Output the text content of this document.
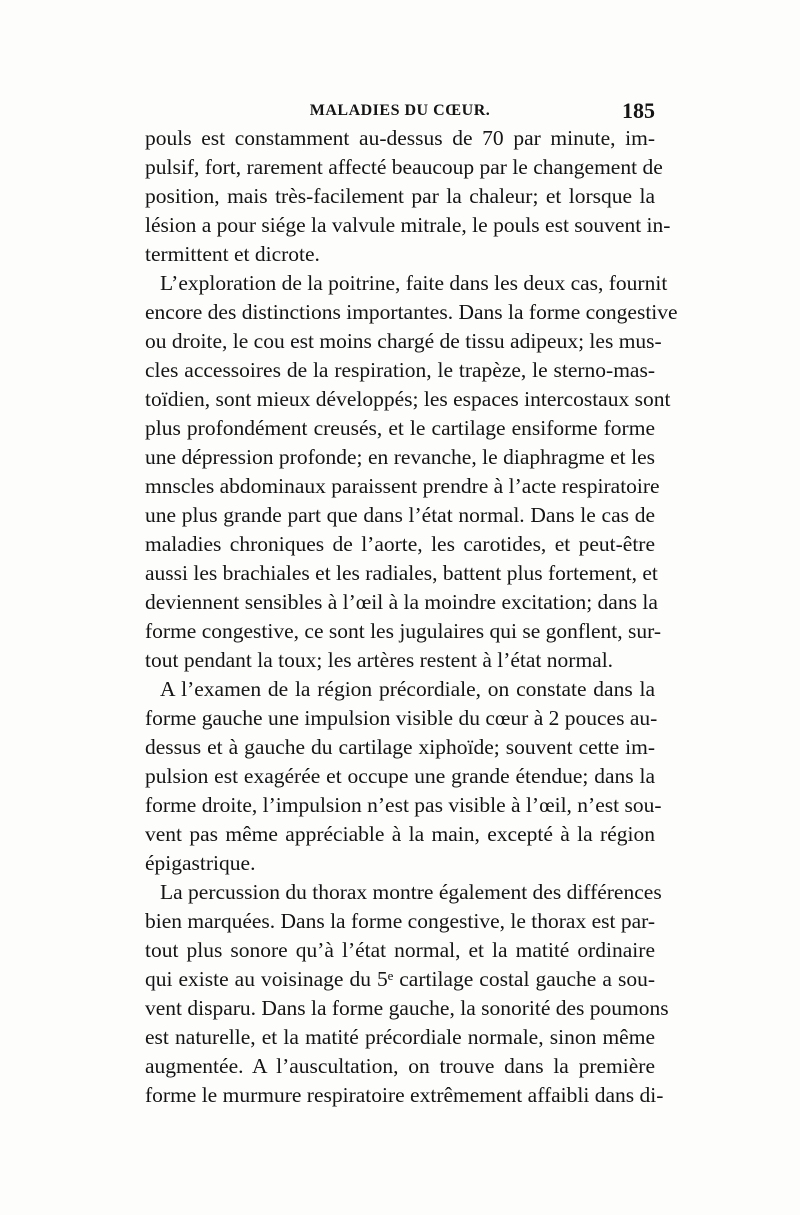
MALADIES DU CŒUR.	185
pouls est constamment au-dessus de 70 par minute, im-
pulsif, fort, rarement affecté beaucoup par le changement de
position, mais très-facilement par la chaleur; et lorsque la
lésion a pour siége la valvule mitrale, le pouls est souvent in-
termittent et dicrote.
L’exploration de la poitrine, faite dans les deux cas, fournit
encore des distinctions importantes. Dans la forme congestive
ou droite, le cou est moins chargé de tissu adipeux; les mus-
cles accessoires de la respiration, le trapèze, le sterno-mas-
toïdien, sont mieux développés; les espaces intercostaux sont
plus profondément creusés, et le cartilage ensiforme forme
une dépression profonde; en revanche, le diaphragme et les
mnscles abdominaux paraissent prendre à l’acte respiratoire
une plus grande part que dans l’état normal. Dans le cas de
maladies chroniques de l’aorte, les carotides, et peut-être
aussi les brachiales et les radiales, battent plus fortement, et
deviennent sensibles à l’œil à la moindre excitation; dans la
forme congestive, ce sont les jugulaires qui se gonflent, sur-
tout pendant la toux; les artères restent à l’état normal.
A l’examen de la région précordiale, on constate dans la
forme gauche une impulsion visible du cœur à 2 pouces au-
dessus et à gauche du cartilage xiphoïde; souvent cette im-
pulsion est exagérée et occupe une grande étendue; dans la
forme droite, l’impulsion n’est pas visible à l’œil, n’est sou-
vent pas même appréciable à la main, excepté à la région
épigastrique.
La percussion du thorax montre également des différences
bien marquées. Dans la forme congestive, le thorax est par-
tout plus sonore qu’à l’état normal, et la matité ordinaire
qui existe au voisinage du 5ᵉ cartilage costal gauche a sou-
vent disparu. Dans la forme gauche, la sonorité des poumons
est naturelle, et la matité précordiale normale, sinon même
augmentée. A l’auscultation, on trouve dans la première
forme le murmure respiratoire extrêmement affaibli dans di-
